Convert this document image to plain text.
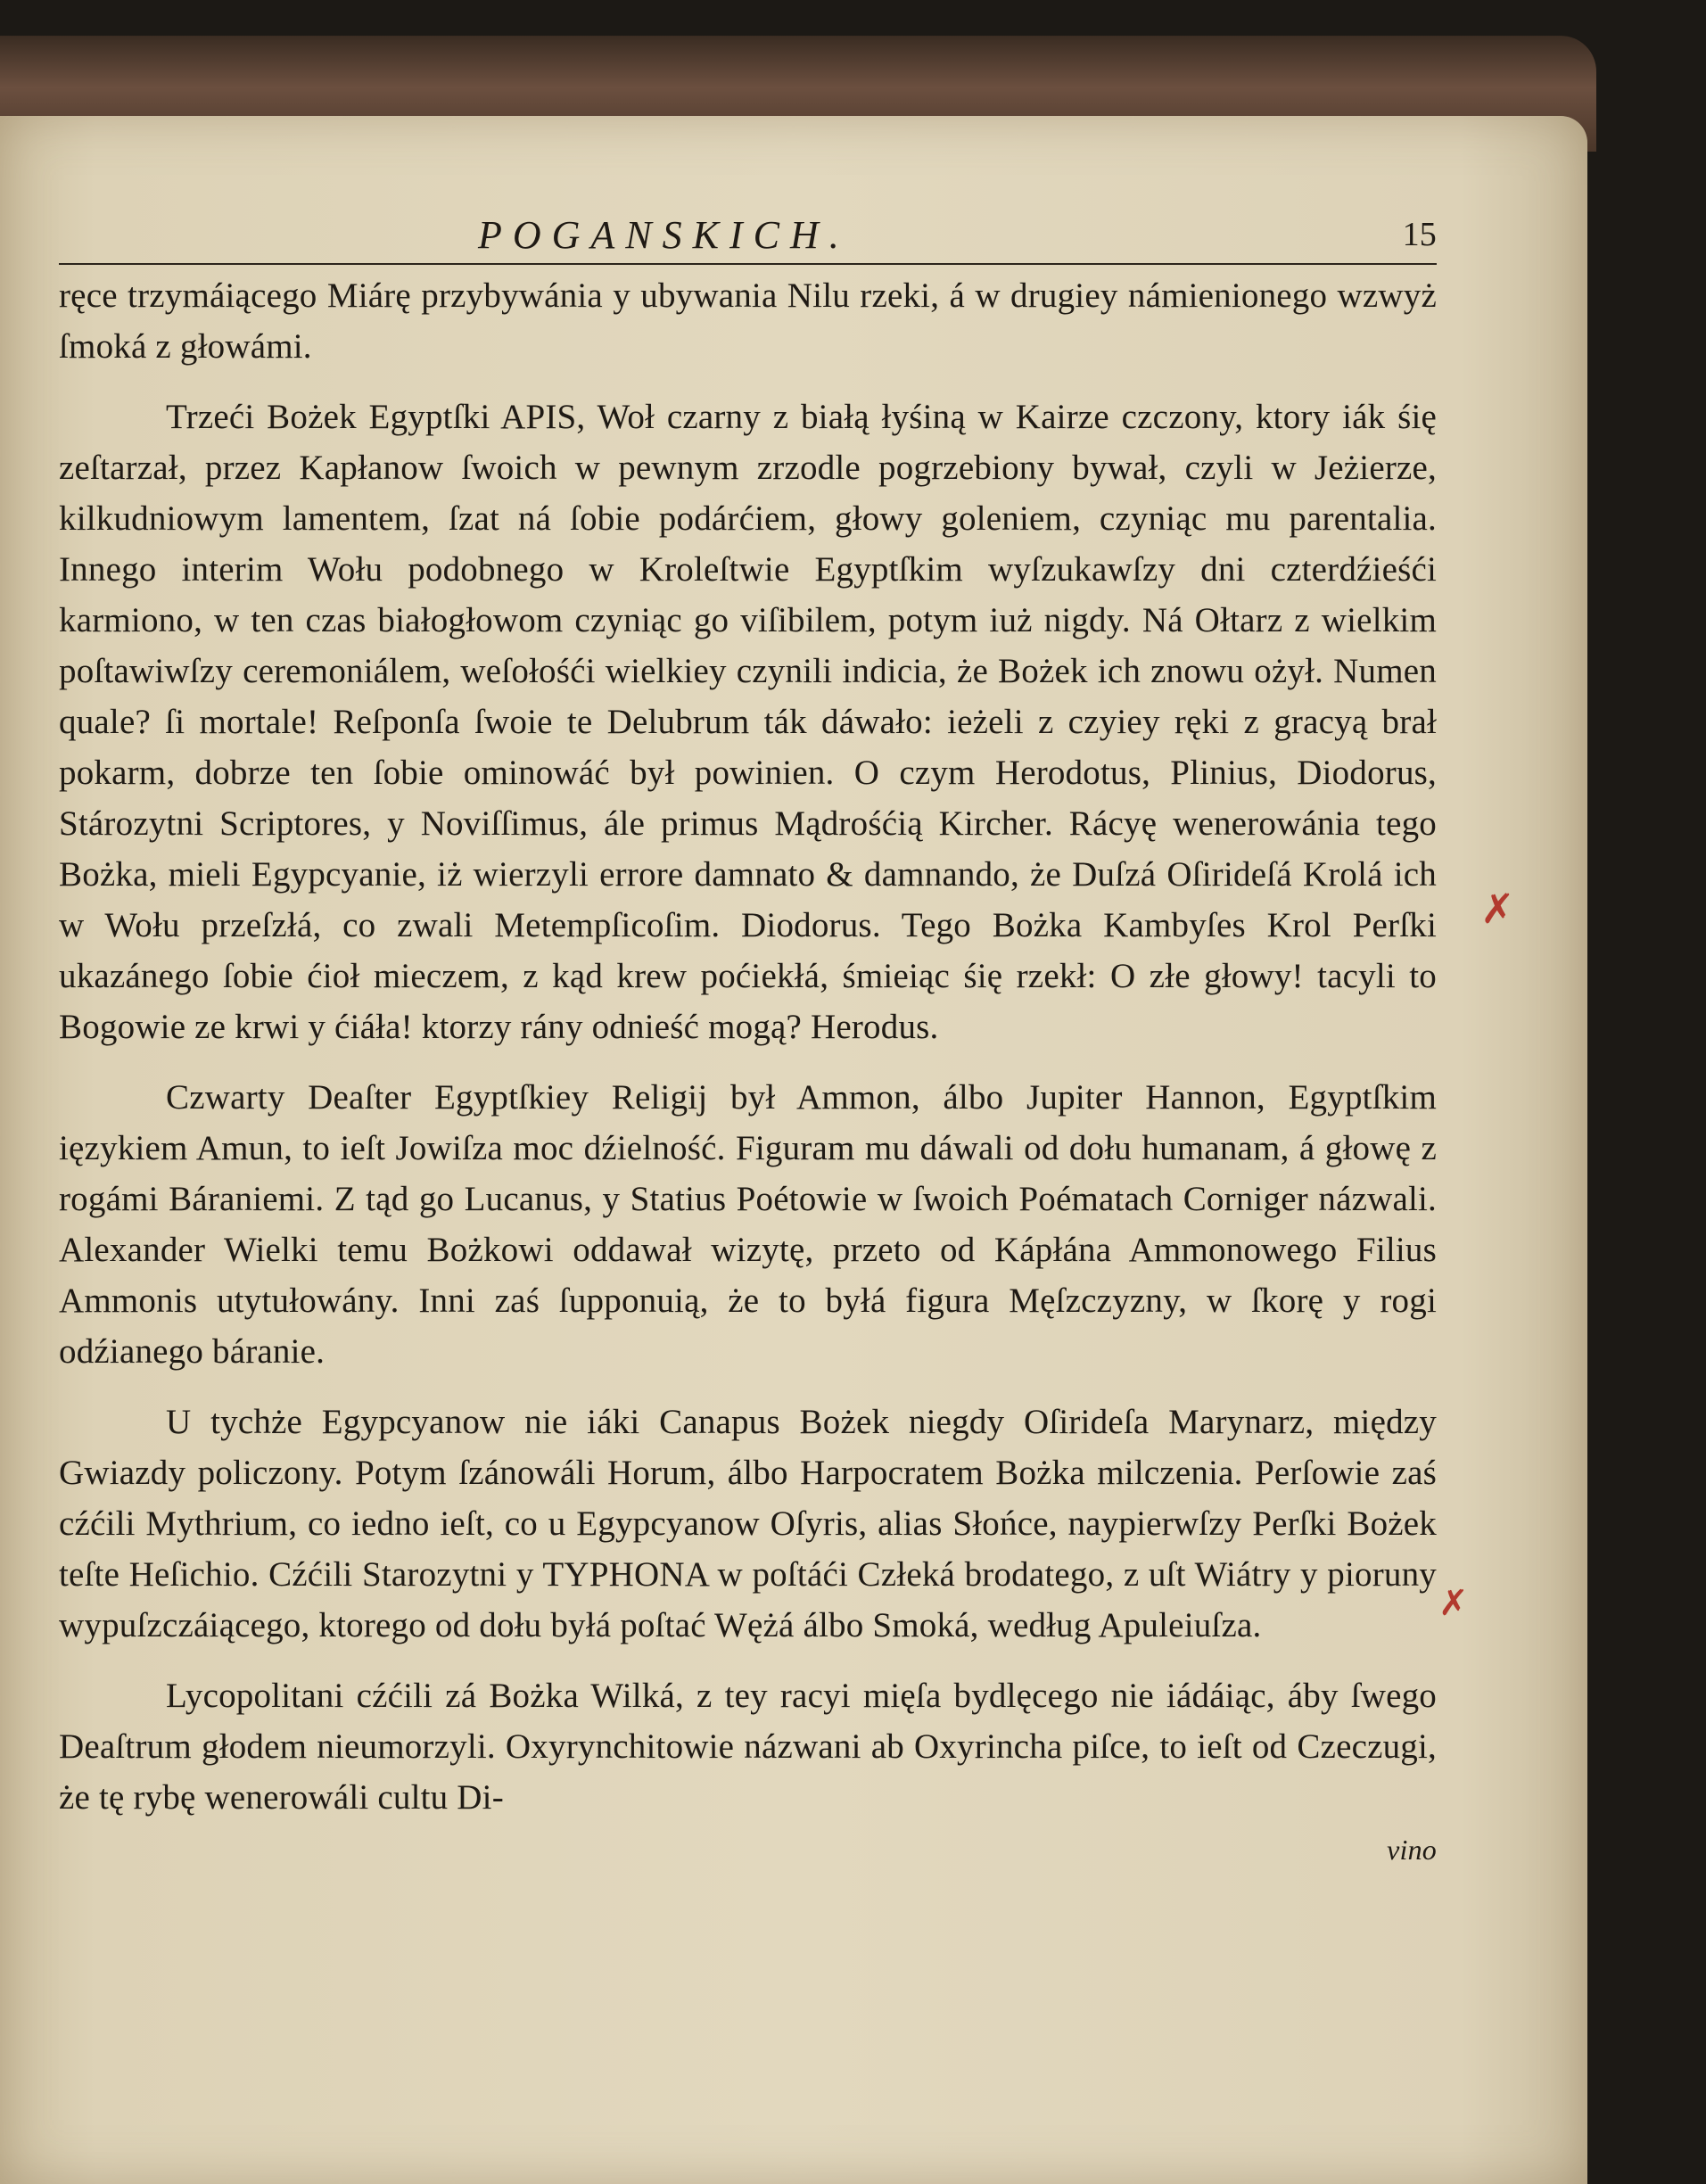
POGANSKICH.	15

ręce trzymáiącego Miárę przybywánia y ubywania Nilu rzeki, á w drugiey námienionego wzwyż ſmoká z głowámi.

Trzeći Bożek Egyptſki APIS, Woł czarny z białą łyśiną w Kairze czczony, ktory iák śię zeſtarzał, przez Kapłanow ſwoich w pewnym zrzodle pogrzebiony bywał, czyli w Jeżierze, kilkudniowym lamentem, ſzat ná ſobie podárćiem, głowy goleniem, czyniąc mu parentalia. Innego interim Wołu podobnego w Kroleſtwie Egyptſkim wyſzukawſzy dni czterdźieśći karmiono, w ten czas białogłowom czyniąc go viſibilem, potym iuż nigdy. Ná Ołtarz z wielkim poſtawiwſzy ceremoniálem, weſołośći wielkiey czynili indicia, że Bożek ich znowu ożył. Numen quale? ſi mortale! Reſponſa ſwoie te Delubrum ták dáwało: ieżeli z czyiey ręki z gracyą brał pokarm, dobrze ten ſobie ominowáć był powinien. O czym Herodotus, Plinius, Diodorus, Stározytni Scriptores, y Noviſſimus, ále primus Mądrośćią Kircher. Rácyę wenerowánia tego Bożka, mieli Egypcyanie, iż wierzyli errore damnato & damnando, że Duſzá Oſirideſá Krolá ich w Wołu przeſzłá, co zwali Metempſicoſim. Diodorus. Tego Bożka Kambyſes Krol Perſki ukazánego ſobie ćioł mieczem, z kąd krew poćiekłá, śmieiąc śię rzekł: O złe głowy! tacyli to Bogowie ze krwi y ćiáła! ktorzy rány odnieść mogą? Herodus.

Czwarty Deaſter Egyptſkiey Religij był Ammon, álbo Jupiter Hannon, Egyptſkim ięzykiem Amun, to ieſt Jowiſza moc dźielność. Figuram mu dáwali od dołu humanam, á głowę z rogámi Báraniemi. Z tąd go Lucanus, y Statius Poétowie w ſwoich Poématach Corniger názwali. Alexander Wielki temu Bożkowi oddawał wizytę, przeto od Kápłána Ammonowego Filius Ammonis utytułowány. Inni zaś ſupponuią, że to byłá figura Męſzczyzny, w ſkorę y rogi odźianego báranie.

U tychże Egypcyanow nie iáki Canapus Bożek niegdy Oſirideſa Marynarz, między Gwiazdy policzony. Potym ſzánowáli Horum, álbo Harpocratem Bożka milczenia. Perſowie zaś cźćili Mythrium, co iedno ieſt, co u Egypcyanow Oſyris, alias Słońce, naypierwſzy Perſki Bożek teſte Heſichio. Cźćili Starozytni y TYPHONA w poſtáći Człeká brodatego, z uſt Wiátry y pioruny wypuſzczáiącego, ktorego od dołu byłá poſtać Wężá álbo Smoká, według Apuleiuſza.

Lycopolitani cźćili zá Bożka Wilká, z tey racyi mięſa bydlęcego nie iádáiąc, áby ſwego Deaſtrum głodem nieumorzyli. Oxyrynchitowie názwani ab Oxyrincha piſce, to ieſt od Czeczugi, że tę rybę wenerowáli cultu Di-

vino
✗
✗
